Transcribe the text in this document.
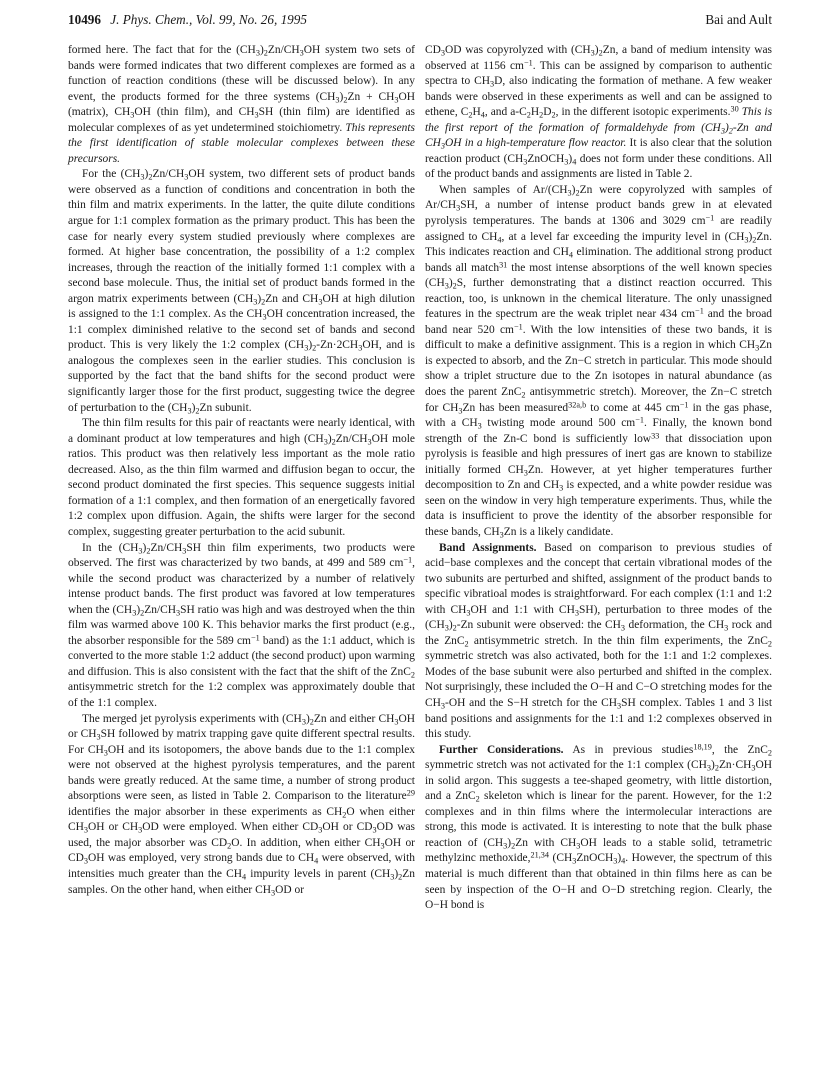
10496 J. Phys. Chem., Vol. 99, No. 26, 1995	Bai and Ault

formed here. The fact that for the $(CH_3)_2Zn/CH_3OH$ system two sets of bands were formed indicates that two different complexes are formed as a function of reaction conditions (these will be discussed below). In any event, the products formed for the three systems $(CH_3)_2Zn + CH_3OH$ (matrix), $CH_3OH$ (thin film), and $CH_3SH$ (thin film) are identified as molecular complexes of as yet undetermined stoichiometry. This represents the first identification of stable molecular complexes between these precursors.

For the $(CH_3)_2Zn/CH_3OH$ system, two different sets of product bands were observed as a function of conditions and concentration in both the thin film and matrix experiments. In the latter, the quite dilute conditions argue for 1:1 complex formation as the primary product. This has been the case for nearly every system studied previously where complexes are formed. At higher base concentration, the possibility of a 1:2 complex increases, through the reaction of the initially formed 1:1 complex with a second base molecule. Thus, the initial set of product bands formed in the argon matrix experiments between $(CH_3)_2Zn$ and $CH_3OH$ at high dilution is assigned to the 1:1 complex. As the $CH_3OH$ concentration increased, the 1:1 complex diminished relative to the second set of bands and second product. This is very likely the 1:2 complex $(CH_3)_2-Zn\cdot 2CH_3OH$, and is analogous the complexes seen in the earlier studies. This conclusion is supported by the fact that the band shifts for the second product were significantly larger those for the first product, suggesting twice the degree of perturbation to the $(CH_3)_2Zn$ subunit.

The thin film results for this pair of reactants were nearly identical, with a dominant product at low temperatures and high $(CH_3)_2Zn/CH_3OH$ mole ratios. This product was then relatively less important as the mole ratio decreased. Also, as the thin film warmed and diffusion began to occur, the second product dominated the first species. This sequence suggests initial formation of a 1:1 complex, and then formation of an energetically favored 1:2 complex upon diffusion. Again, the shifts were larger for the second complex, suggesting greater perturbation to the acid subunit.

In the $(CH_3)_2Zn/CH_3SH$ thin film experiments, two products were observed. The first was characterized by two bands, at 499 and 589 $cm^{-1}$, while the second product was characterized by a number of relatively intense product bands. The first product was favored at low temperatures when the $(CH_3)_2Zn/CH_3SH$ ratio was high and was destroyed when the thin film was warmed above 100 K. This behavior marks the first product (e.g., the absorber responsible for the 589 $cm^{-1}$ band) as the 1:1 adduct, which is converted to the more stable 1:2 adduct (the second product) upon warming and diffusion. This is also consistent with the fact that the shift of the ZnC$_2$ antisymmetric stretch for the 1:2 complex was approximately double that of the 1:1 complex.

The merged jet pyrolysis experiments with $(CH_3)_2Zn$ and either $CH_3OH$ or $CH_3SH$ followed by matrix trapping gave quite different spectral results. For $CH_3OH$ and its isotopomers, the above bands due to the 1:1 complex were not observed at the highest pyrolysis temperatures, and the parent bands were greatly reduced. At the same time, a number of strong product absorptions were seen, as listed in Table 2. Comparison to the literature$^{29}$ identifies the major absorber in these experiments as $CH_2O$ when either $CH_3OH$ or $CH_3OD$ were employed. When either $CD_3OH$ or $CD_3OD$ was used, the major absorber was $CD_2O$. In addition, when either $CH_3OH$ or $CD_3OH$ was employed, very strong bands due to $CH_4$ were observed, with intensities much greater than the $CH_4$ impurity levels in parent $(CH_3)_2Zn$ samples. On the other hand, when either $CH_3OD$ or

$CD_3OD$ was copyrolyzed with $(CH_3)_2Zn$, a band of medium intensity was observed at 1156 $cm^{-1}$. This can be assigned by comparison to authentic spectra to $CH_3D$, also indicating the formation of methane. A few weaker bands were observed in these experiments as well and can be assigned to ethene, $C_2H_4$, and $a-C_2H_2D_2$, in the different isotopic experiments.$^{30}$ This is the first report of the formation of formaldehyde from $(CH_3)_2-Zn$ and $CH_3OH$ in a high-temperature flow reactor. It is also clear that the solution reaction product $(CH_3ZnOCH_3)_4$ does not form under these conditions. All of the product bands and assignments are listed in Table 2.

When samples of $Ar/(CH_3)_2Zn$ were copyrolyzed with samples of $Ar/CH_3SH$, a number of intense product bands grew in at elevated pyrolysis temperatures. The bands at 1306 and 3029 $cm^{-1}$ are readily assigned to $CH_4$, at a level far exceeding the impurity level in $(CH_3)_2Zn$. This indicates reaction and $CH_4$ elimination. The additional strong product bands all match$^{31}$ the most intense absorptions of the well known species $(CH_3)_2S$, further demonstrating that a distinct reaction occurred. This reaction, too, is unknown in the chemical literature. The only unassigned features in the spectrum are the weak triplet near 434 $cm^{-1}$ and the broad band near 520 $cm^{-1}$. With the low intensities of these two bands, it is difficult to make a definitive assignment. This is a region in which $CH_3Zn$ is expected to absorb, and the Zn−C stretch in particular. This mode should show a triplet structure due to the Zn isotopes in natural abundance (as does the parent ZnC$_2$ antisymmetric stretch). Moreover, the Zn−C stretch for $CH_3Zn$ has been measured$^{32a,b}$ to come at 445 $cm^{-1}$ in the gas phase, with a $CH_3$ twisting mode around 500 $cm^{-1}$. Finally, the known bond strength of the Zn-C bond is sufficiently low$^{33}$ that dissociation upon pyrolysis is feasible and high pressures of inert gas are known to stabilize initially formed $CH_3Zn$. However, at yet higher temperatures further decomposition to Zn and $CH_3$ is expected, and a white powder residue was seen on the window in very high temperature experiments. Thus, while the data is insufficient to prove the identity of the absorber responsible for these bands, $CH_3Zn$ is a likely candidate.

Band Assignments. Based on comparison to previous studies of acid−base complexes and the concept that certain vibrational modes of the two subunits are perturbed and shifted, assignment of the product bands to specific vibratioal modes is straightforward. For each complex (1:1 and 1:2 with $CH_3OH$ and 1:1 with $CH_3SH$), perturbation to three modes of the $(CH_3)_2-Zn$ subunit were observed: the $CH_3$ deformation, the $CH_3$ rock and the ZnC$_2$ antisymmetric stretch. In the thin film experiments, the ZnC$_2$ symmetric stretch was also activated, both for the 1:1 and 1:2 complexes. Modes of the base subunit were also perturbed and shifted in the complex. Not surprisingly, these included the O−H and C−O stretching modes for the $CH_3-OH$ and the S−H stretch for the $CH_3SH$ complex. Tables 1 and 3 list band positions and assignments for the 1:1 and 1:2 complexes observed in this study.

Further Considerations. As in previous studies$^{18,19}$, the ZnC$_2$ symmetric stretch was not activated for the 1:1 complex $(CH_3)_2Zn\cdot CH_3OH$ in solid argon. This suggests a tee-shaped geometry, with little distortion, and a ZnC$_2$ skeleton which is linear for the parent. However, for the 1:2 complexes and in thin films where the intermolecular interactions are strong, this mode is activated. It is interesting to note that the bulk phase reaction of $(CH_3)_2Zn$ with $CH_3OH$ leads to a stable solid, tetrametric methylzinc methoxide,$^{21,34}$ $(CH_3ZnOCH_3)_4$. However, the spectrum of this material is much different than that obtained in thin films here as can be seen by inspection of the O−H and O−D stretching region. Clearly, the O−H bond is
